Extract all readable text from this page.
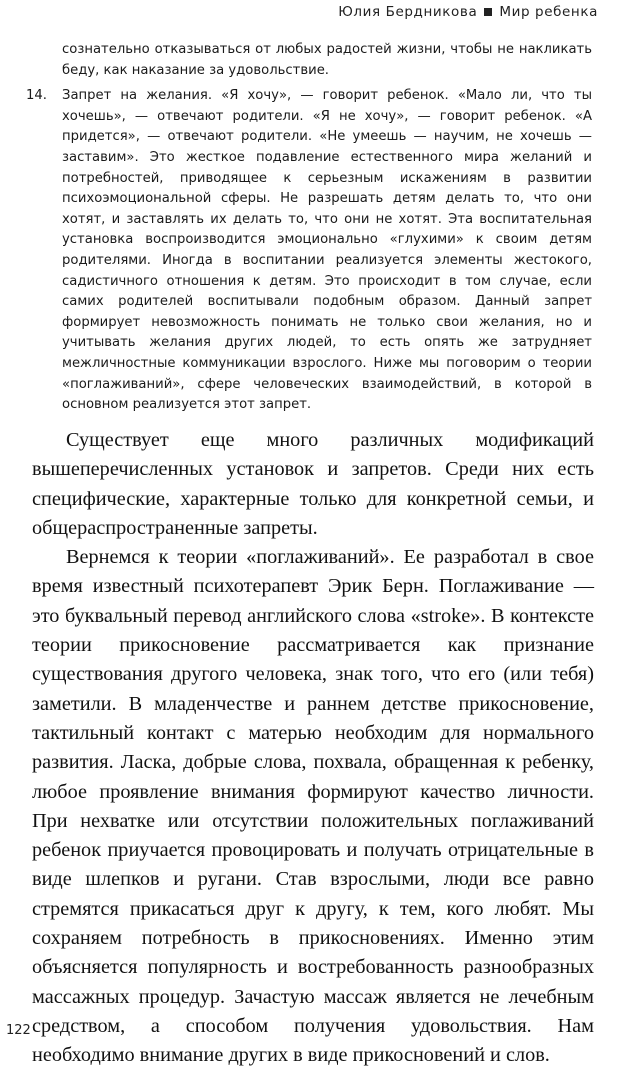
Юлия Бердникова Мир ребенка

сознательно отказываться от любых радостей жизни, чтобы не накликать беду, как наказание за удовольствие.

14.	Запрет на желания. «Я хочу», — говорит ребенок. «Мало ли, что ты хочешь», — отвечают родители. «Я не хочу», — говорит ребенок. «А придется», — отвечают родители. «Не умеешь — научим, не хочешь — заставим». Это жесткое подавление естественного мира желаний и потребностей, приводящее к серьезным искажениям в развитии психоэмоциональной сферы. Не разрешать детям делать то, что они хотят, и заставлять их делать то, что они не хотят. Эта воспитательная установка воспроизводится эмоционально «глухими» к своим детям родителями. Иногда в воспитании реализуется элементы жестокого, садистичного отношения к детям. Это происходит в том случае, если самих родителей воспитывали подобным образом. Данный запрет формирует невозможность понимать не только свои желания, но и учитывать желания других людей, то есть опять же затрудняет межличностные коммуникации взрослого. Ниже мы поговорим о теории «поглаживаний», сфере человеческих взаимодействий, в которой в основном реализуется этот запрет.

Существует еще много различных модификаций вышеперечисленных установок и запретов. Среди них есть специфические, характерные только для конкретной семьи, и общераспространенные запреты.

Вернемся к теории «поглаживаний». Ее разработал в свое время известный психотерапевт Эрик Берн. Поглаживание — это буквальный перевод английского слова «stroke». В контексте теории прикосновение рассматривается как признание существования другого человека, знак того, что его (или тебя) заметили. В младенчестве и раннем детстве прикосновение, тактильный контакт с матерью необходим для нормального развития. Ласка, добрые слова, похвала, обращенная к ребенку, любое проявление внимания формируют качество личности. При нехватке или отсутствии положительных поглаживаний ребенок приучается провоцировать и получать отрицательные в виде шлепков и ругани. Став взрослыми, люди все равно стремятся прикасаться друг к другу, к тем, кого любят. Мы сохраняем потребность в прикосновениях. Именно этим объясняется популярность и востребованность разнообразных массажных процедур. Зачастую массаж является не лечебным средством, а способом получения удовольствия. Нам необходимо внимание других в виде прикосновений и слов.

122
